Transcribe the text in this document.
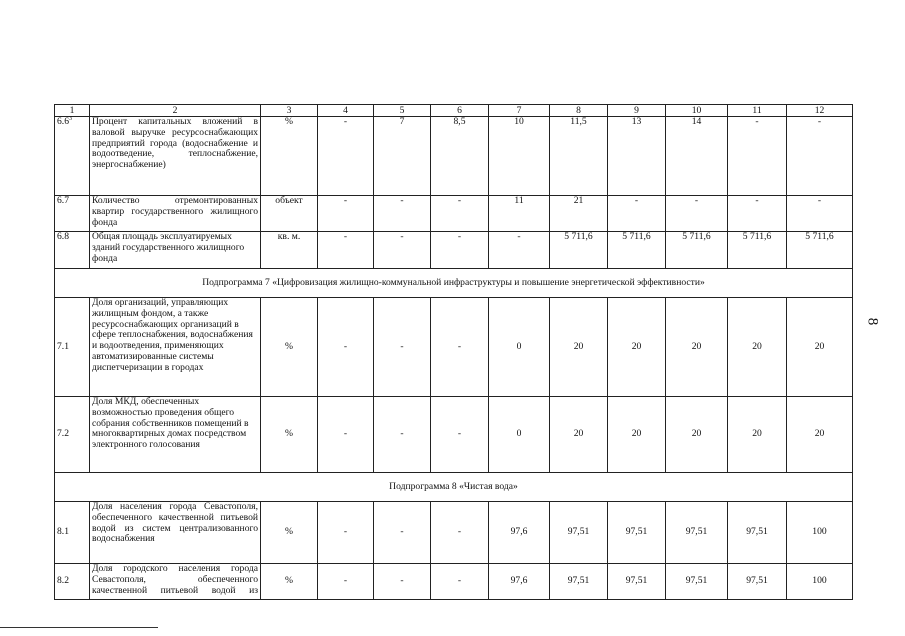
1	2	3	4	5	6	7	8	9	10	11	12
$6.6^3$	Процент капитальных вложений в валовой выручке ресурсоснабжающих предприятий города (водоснабжение и водоотведение, теплоснабжение, энергоснабжение)	%	-	7	8,5	10	11,5	13	14	-	-
6.7	Количество отремонтированных квартир государственного жилищного фонда	объект	-	-	-	11	21	-	-	-	-
6.8	Общая площадь эксплуатируемых зданий государственного жилищного фонда	кв. м.	-	-	-	-	5 711,6	5 711,6	5 711,6	5 711,6	5 711,6
Подпрограмма 7 «Цифровизация жилищно-коммунальной инфраструктуры и повышение энергетической эффективности»											
7.1	Доля организаций, управляющих жилищным фондом, а также ресурсоснабжающих организаций в сфере теплоснабжения, водоснабжения и водоотведения, применяющих автоматизированные системы диспетчеризации в городах	%	-	-	-	0	20	20	20	20	20
7.2	Доля МКД, обеспеченных возможностью проведения общего собрания собственников помещений в многоквартирных домах посредством электронного голосования	%	-	-	-	0	20	20	20	20	20
Подпрограмма 8 «Чистая вода»											
8.1	Доля населения города Севастополя, обеспеченного качественной питьевой водой из систем централизованного водоснабжения	%	-	-	-	97,6	97,51	97,51	97,51	97,51	100
8.2	Доля городского населения города Севастополя, обеспеченного качественной питьевой водой из	%	-	-	-	97,6	97,51	97,51	97,51	97,51	100
8
